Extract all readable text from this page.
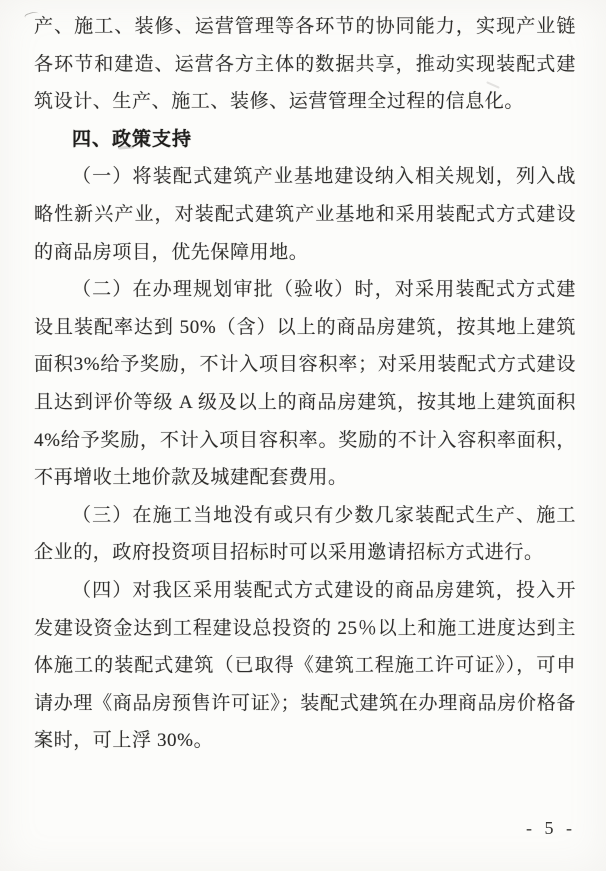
产、施工、装修、运营管理等各环节的协同能力，实现产业链各环节和建造、运营各方主体的数据共享，推动实现装配式建筑设计、生产、施工、装修、运营管理全过程的信息化。

四、政策支持

（一）将装配式建筑产业基地建设纳入相关规划，列入战略性新兴产业，对装配式建筑产业基地和采用装配式方式建设的商品房项目，优先保障用地。

（二）在办理规划审批（验收）时，对采用装配式方式建设且装配率达到 50%（含）以上的商品房建筑，按其地上建筑面积3%给予奖励，不计入项目容积率；对采用装配式方式建设且达到评价等级 A 级及以上的商品房建筑，按其地上建筑面积 4%给予奖励，不计入项目容积率。奖励的不计入容积率面积，不再增收土地价款及城建配套费用。

（三）在施工当地没有或只有少数几家装配式生产、施工企业的，政府投资项目招标时可以采用邀请招标方式进行。

（四）对我区采用装配式方式建设的商品房建筑，投入开发建设资金达到工程建设总投资的 25％以上和施工进度达到主体施工的装配式建筑（已取得《建筑工程施工许可证》），可申请办理《商品房预售许可证》；装配式建筑在办理商品房价格备案时，可上浮 30%。

- 5 -
